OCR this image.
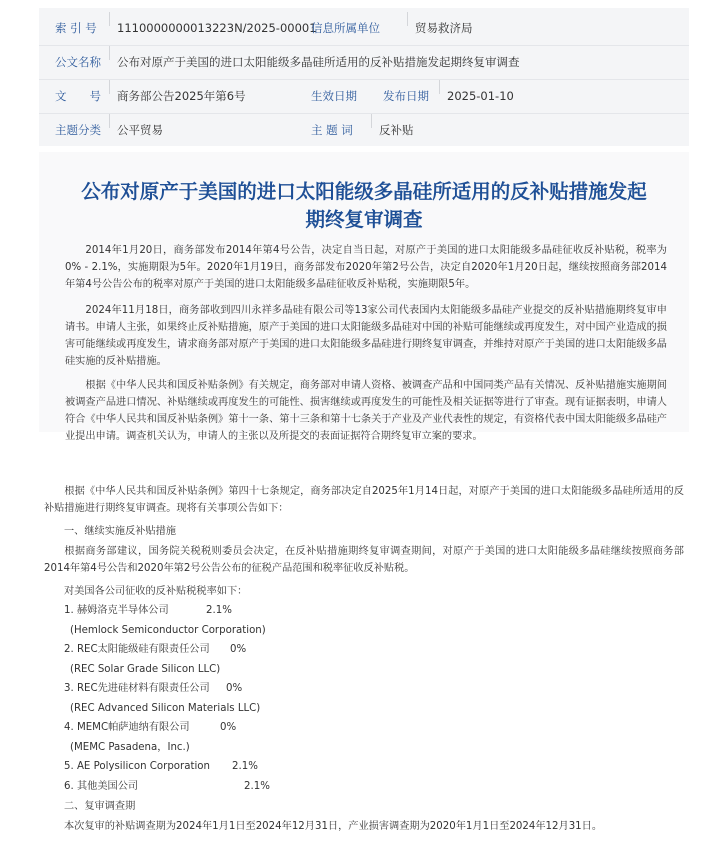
索 引 号 1110000000013223N/2025-00001
信息所属单位	贸易救济局
公文名称 公布对原产于美国的进口太阳能级多晶硅所适用的反补贴措施发起期终复审调查
文　　号 商务部公告2025年第6号	生效日期 发布日期 2025-01-10
主题分类 公平贸易	主 题 词 反补贴
公布对原产于美国的进口太阳能级多晶硅所适用的反补贴措施发起
期终复审调查

2014年1月20日，商务部发布2014年第4号公告，决定自当日起，对原产于美国的进口太阳能级多晶硅征收反补贴税，税率为0% - 2.1%，实施期限为5年。2020年1月19日，商务部发布2020年第2号公告，决定自2020年1月20日起，继续按照商务部2014年第4号公告公布的税率对原产于美国的进口太阳能级多晶硅征收反补贴税，实施期限5年。

2024年11月18日，商务部收到四川永祥多晶硅有限公司等13家公司代表国内太阳能级多晶硅产业提交的反补贴措施期终复审申请书。申请人主张，如果终止反补贴措施，原产于美国的进口太阳能级多晶硅对中国的补贴可能继续或再度发生，对中国产业造成的损害可能继续或再度发生，请求商务部对原产于美国的进口太阳能级多晶硅进行期终复审调查，并维持对原产于美国的进口太阳能级多晶硅实施的反补贴措施。

根据《中华人民共和国反补贴条例》有关规定，商务部对申请人资格、被调查产品和中国同类产品有关情况、反补贴措施实施期间被调查产品进口情况、补贴继续或再度发生的可能性、损害继续或再度发生的可能性及相关证据等进行了审查。现有证据表明，申请人符合《中华人民共和国反补贴条例》第十一条、第十三条和第十七条关于产业及产业代表性的规定，有资格代表中国太阳能级多晶硅产业提出申请。调查机关认为，申请人的主张以及所提交的表面证据符合期终复审立案的要求。

根据《中华人民共和国反补贴条例》第四十七条规定，商务部决定自2025年1月14日起，对原产于美国的进口太阳能级多晶硅所适用的反补贴措施进行期终复审调查。现将有关事项公告如下：

一、继续实施反补贴措施

根据商务部建议，国务院关税税则委员会决定，在反补贴措施期终复审调查期间，对原产于美国的进口太阳能级多晶硅继续按照商务部2014年第4号公告和2020年第2号公告公布的征税产品范围和税率征收反补贴税。

对美国各公司征收的反补贴税税率如下：

1. 赫姆洛克半导体公司	2.1%
(Hemlock Semiconductor Corporation)
2. REC太阳能级硅有限责任公司 0%
(REC Solar Grade Silicon LLC)
3. REC先进硅材料有限责任公司 0%
(REC Advanced Silicon Materials LLC)
4. MEMC帕萨迪纳有限公司	0%
(MEMC Pasadena，Inc.)
5. AE Polysilicon Corporation 2.1%
6. 其他美国公司	2.1%

二、复审调查期

本次复审的补贴调查期为2024年1月1日至2024年12月31日，产业损害调查期为2020年1月1日至2024年12月31日。
